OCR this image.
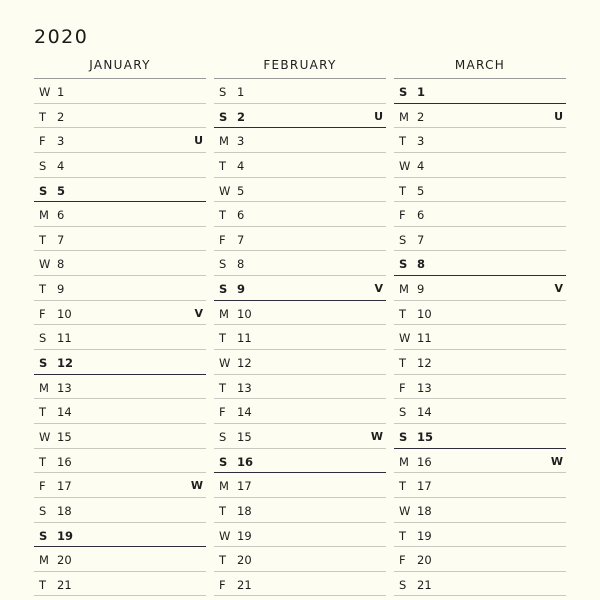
2020
JANUARY
W 1
T 2
F 3	U
S 4
S 5
M 6
T 7
W 8
T 9
F 10	V
S 11
S 12
M 13
T 14
W 15
T 16
F 17	W
S 18
S 19
M 20
T 21
FEBRUARY
S 1
S 2	U
M 3
T 4
W 5
T 6
F 7
S 8
S 9	V
M 10
T 11
W 12
T 13
F 14
S 15	W
S 16
M 17
T 18
W 19
T 20
F 21
MARCH
S 1
M 2	U
T 3
W 4
T 5
F 6
S 7
S 8
M 9	V
T 10
W 11
T 12
F 13
S 14
S 15
M 16	W
T 17
W 18
T 19
F 20
S 21
